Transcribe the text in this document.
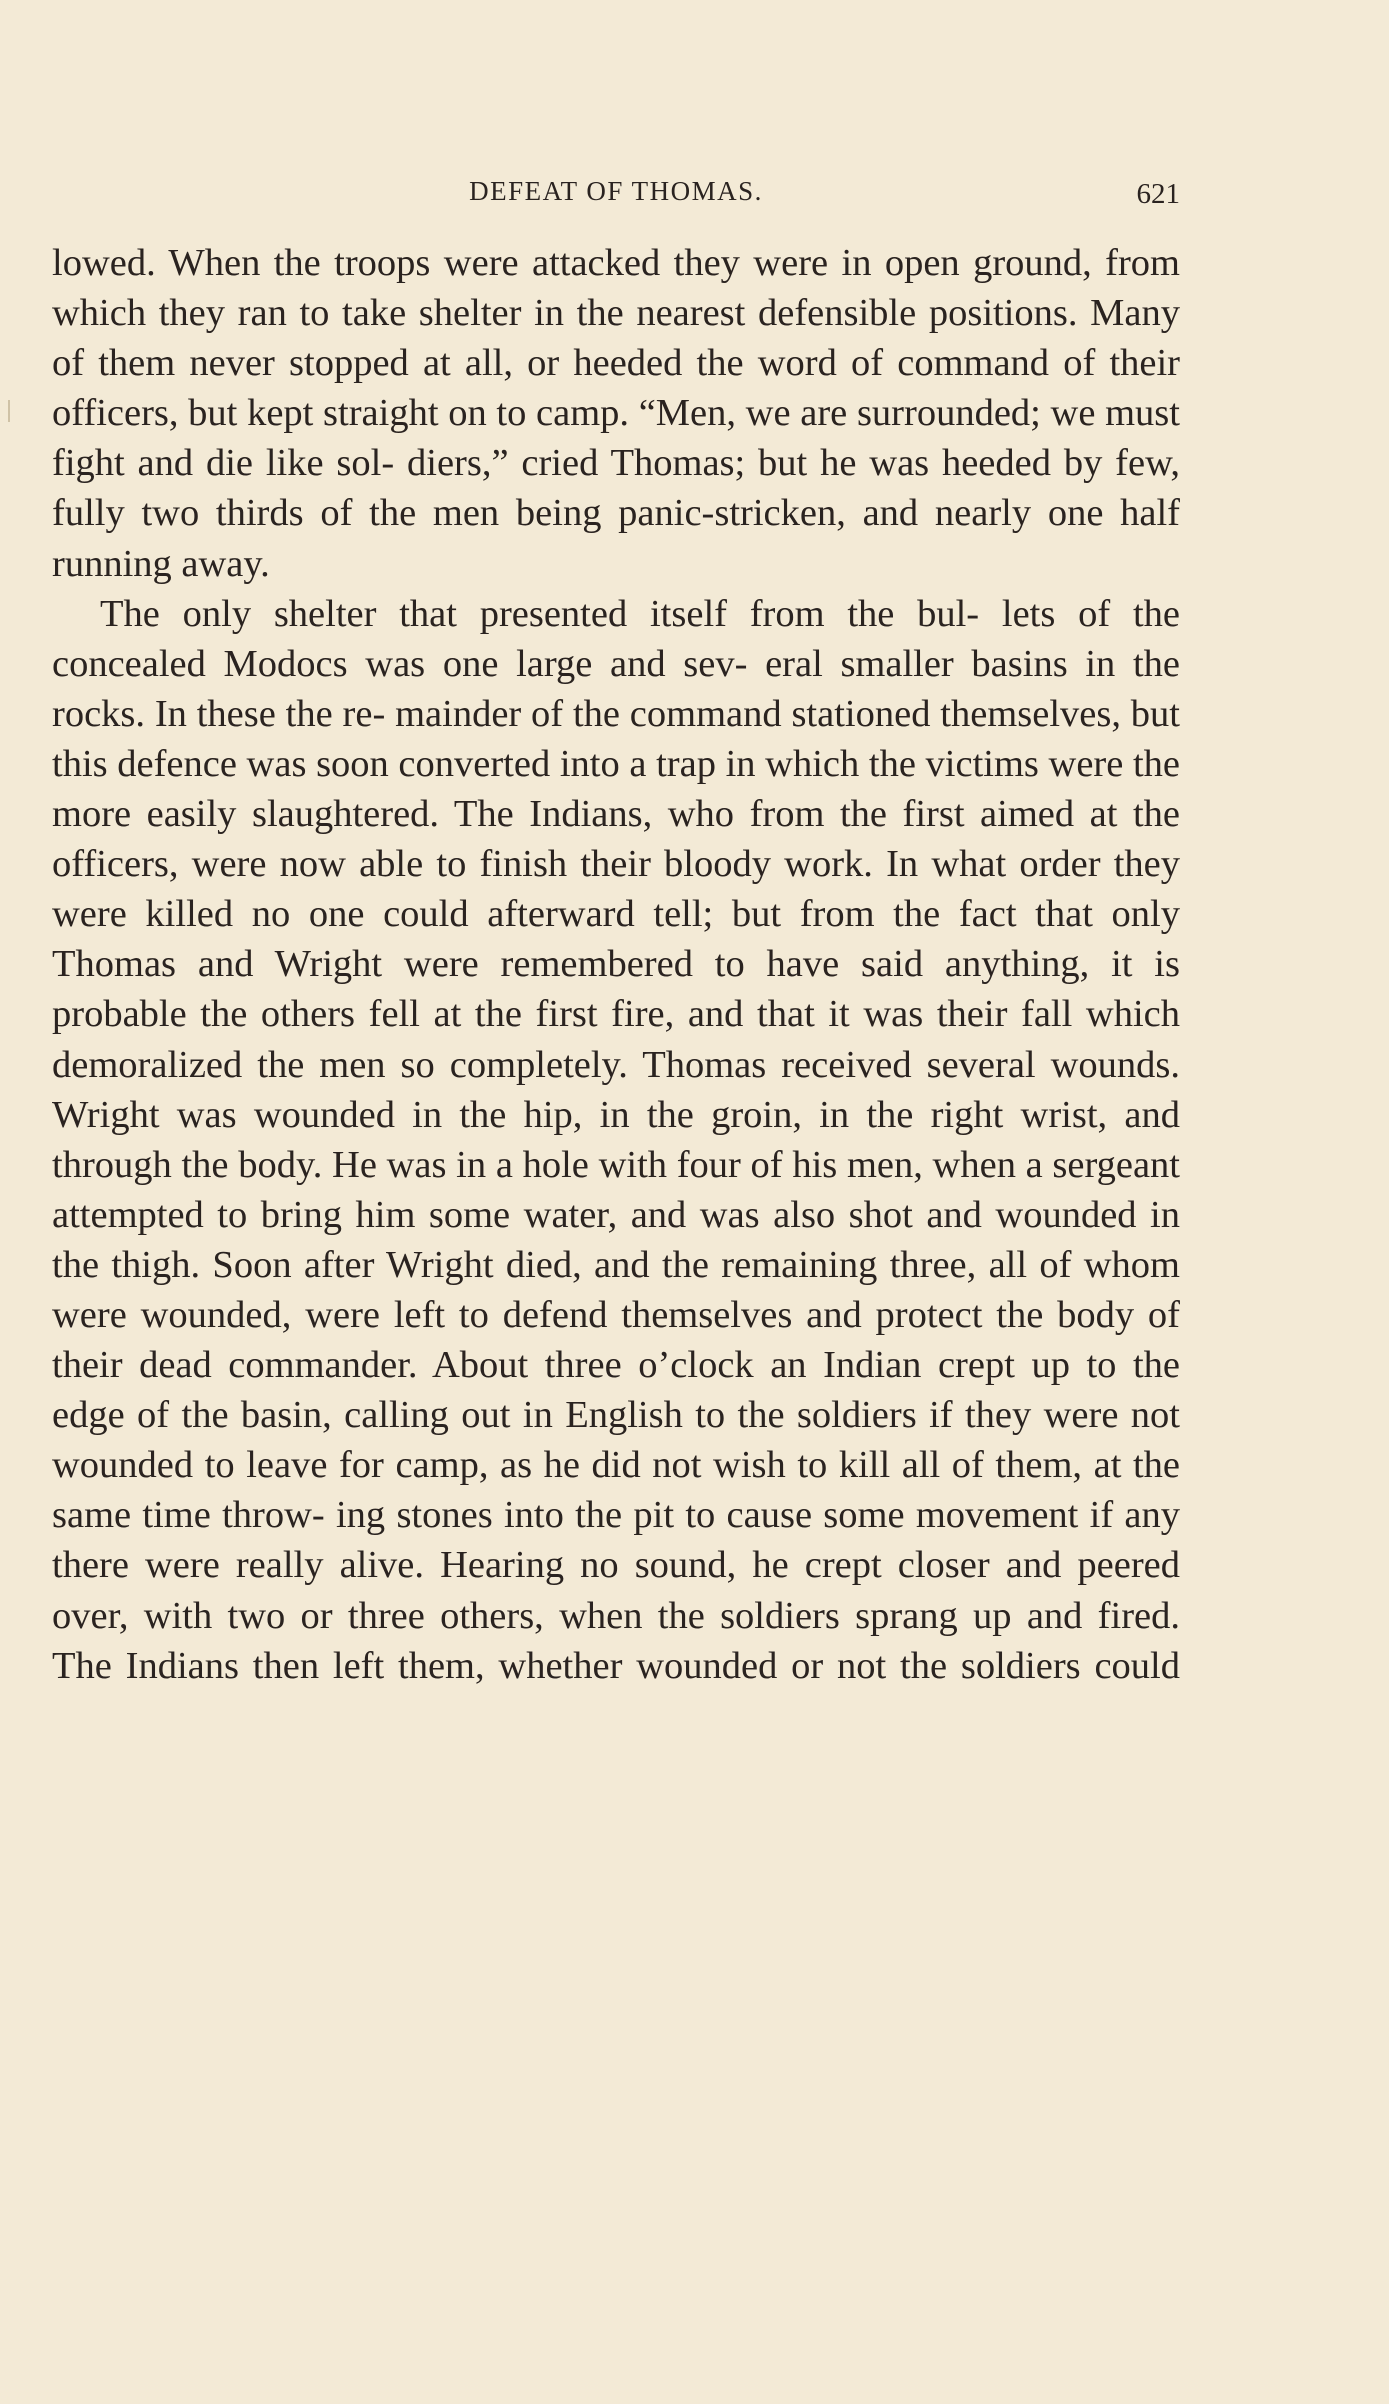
DEFEAT OF THOMAS.	621

lowed. When the troops were attacked they were in open ground, from which they ran to take shelter in the nearest defensible positions. Many of them never stopped at all, or heeded the word of command of their officers, but kept straight on to camp. “Men, we are surrounded; we must fight and die like sol- diers,” cried Thomas; but he was heeded by few, fully two thirds of the men being panic-stricken, and nearly one half running away.

The only shelter that presented itself from the bul- lets of the concealed Modocs was one large and sev- eral smaller basins in the rocks. In these the re- mainder of the command stationed themselves, but this defence was soon converted into a trap in which the victims were the more easily slaughtered. The Indians, who from the first aimed at the officers, were now able to finish their bloody work. In what order they were killed no one could afterward tell; but from the fact that only Thomas and Wright were remembered to have said anything, it is probable the others fell at the first fire, and that it was their fall which demoralized the men so completely. Thomas received several wounds. Wright was wounded in the hip, in the groin, in the right wrist, and through the body. He was in a hole with four of his men, when a sergeant attempted to bring him some water, and was also shot and wounded in the thigh. Soon after Wright died, and the remaining three, all of whom were wounded, were left to defend themselves and protect the body of their dead commander. About three o’clock an Indian crept up to the edge of the basin, calling out in English to the soldiers if they were not wounded to leave for camp, as he did not wish to kill all of them, at the same time throw- ing stones into the pit to cause some movement if any there were really alive. Hearing no sound, he crept closer and peered over, with two or three others, when the soldiers sprang up and fired. The Indians then left them, whether wounded or not the soldiers could
